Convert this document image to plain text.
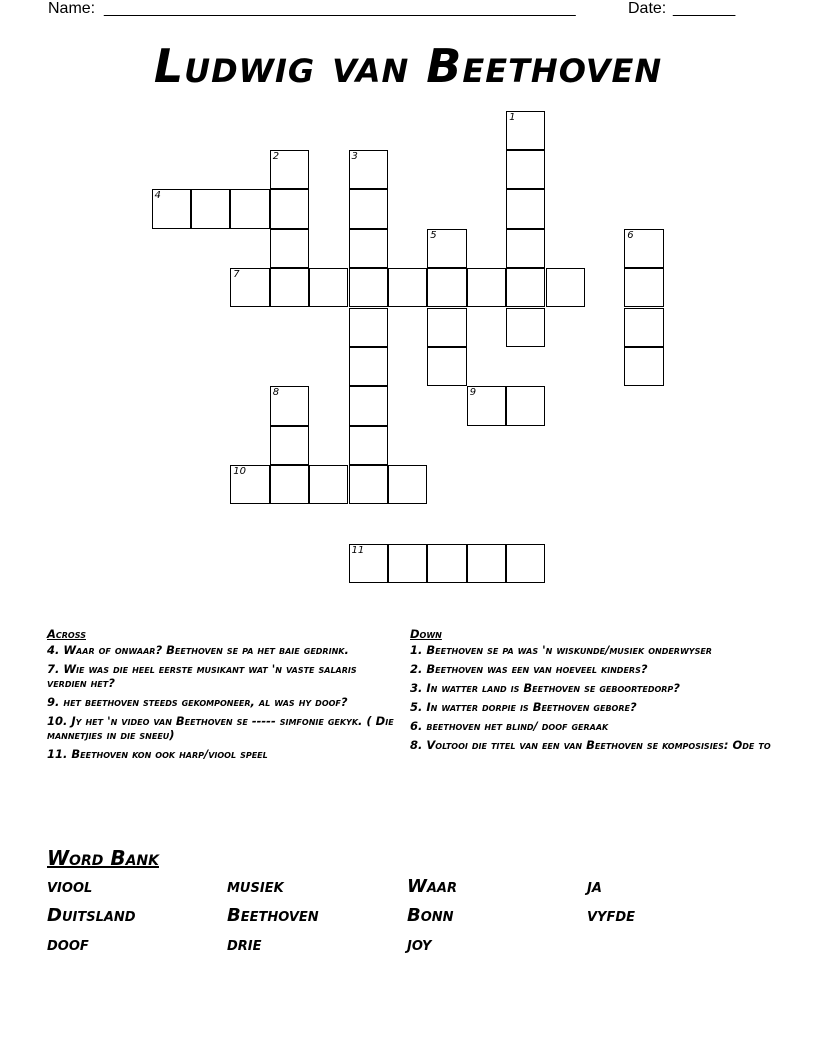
Name: _____________________________________________________	Date: _______
Ludwig van Beethoven
1
2	3
4
5	6
7
8	9
10
11
Across
4. Waar of onwaar? Beethoven se pa het baie gedrink.
7. Wie was die heel eerste musikant wat 'n vaste salaris verdien het?
9. het beethoven steeds gekomponeer, al was hy doof?
10. Jy het 'n video van Beethoven se ----- simfonie gekyk. ( Die mannetjies in die sneeu)
11. Beethoven kon ook harp/viool speel
Down
1. Beethoven se pa was 'n wiskunde/musiek onderwyser
2. Beethoven was een van hoeveel kinders?
3. In watter land is Beethoven se geboortedorp?
5. In watter dorpie is Beethoven gebore?
6. beethoven het blind/ doof geraak
8. Voltooi die titel van een van Beethoven se komposisies: Ode to
Word Bank
viool	musiek	Waar	ja
Duitsland	Beethoven	Bonn	vyfde
doof	drie	joy
